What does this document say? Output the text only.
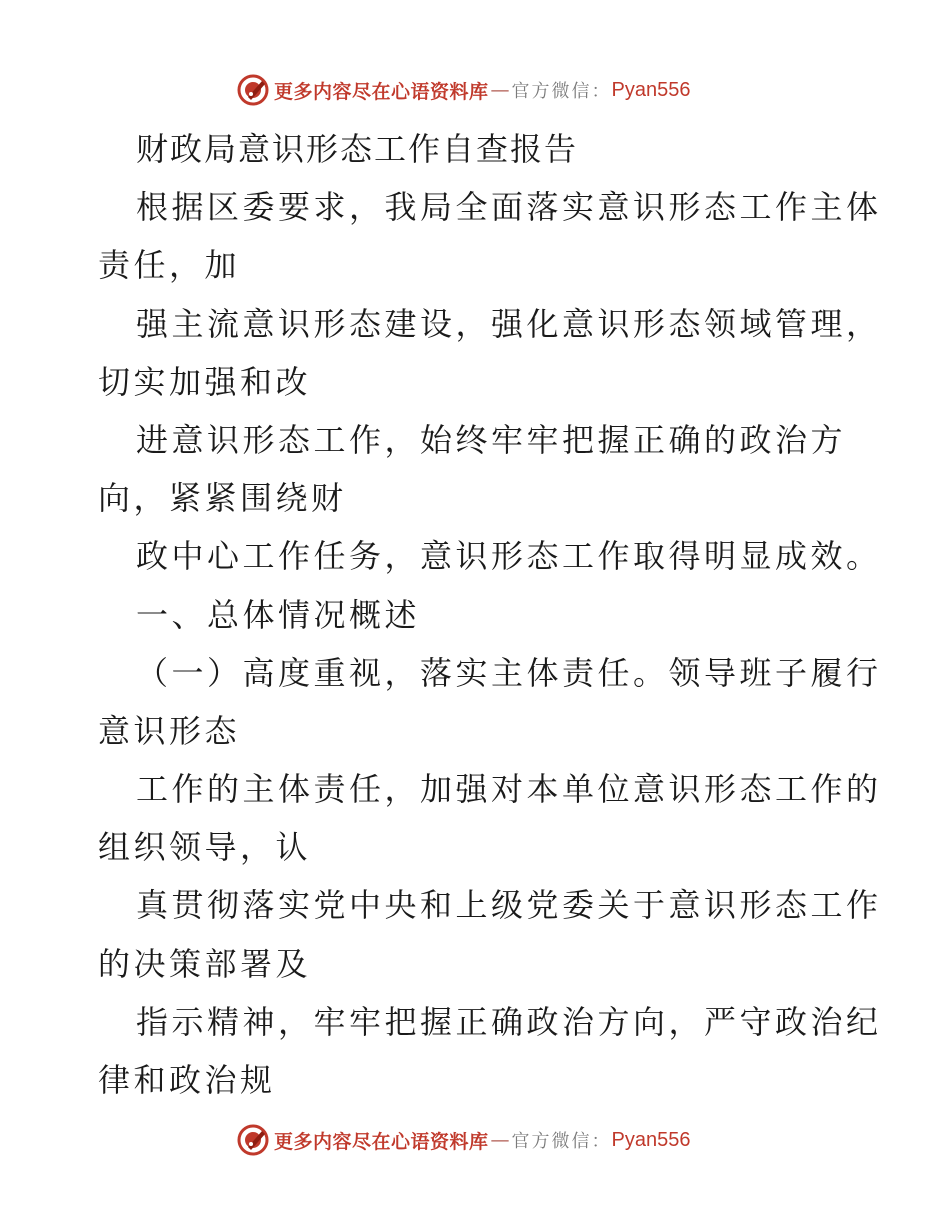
更多内容尽在心语资料库 — 官方微信： Pyan556
财政局意识形态工作自查报告
根据区委要求，我局全面落实意识形态工作主体
责任，加
强主流意识形态建设，强化意识形态领域管理，
切实加强和改
进意识形态工作，始终牢牢把握正确的政治方
向，紧紧围绕财
政中心工作任务，意识形态工作取得明显成效。
一、总体情况概述
（一）高度重视，落实主体责任。领导班子履行
意识形态
工作的主体责任，加强对本单位意识形态工作的
组织领导，认
真贯彻落实党中央和上级党委关于意识形态工作
的决策部署及
指示精神，牢牢把握正确政治方向，严守政治纪
律和政治规
更多内容尽在心语资料库 — 官方微信： Pyan556
